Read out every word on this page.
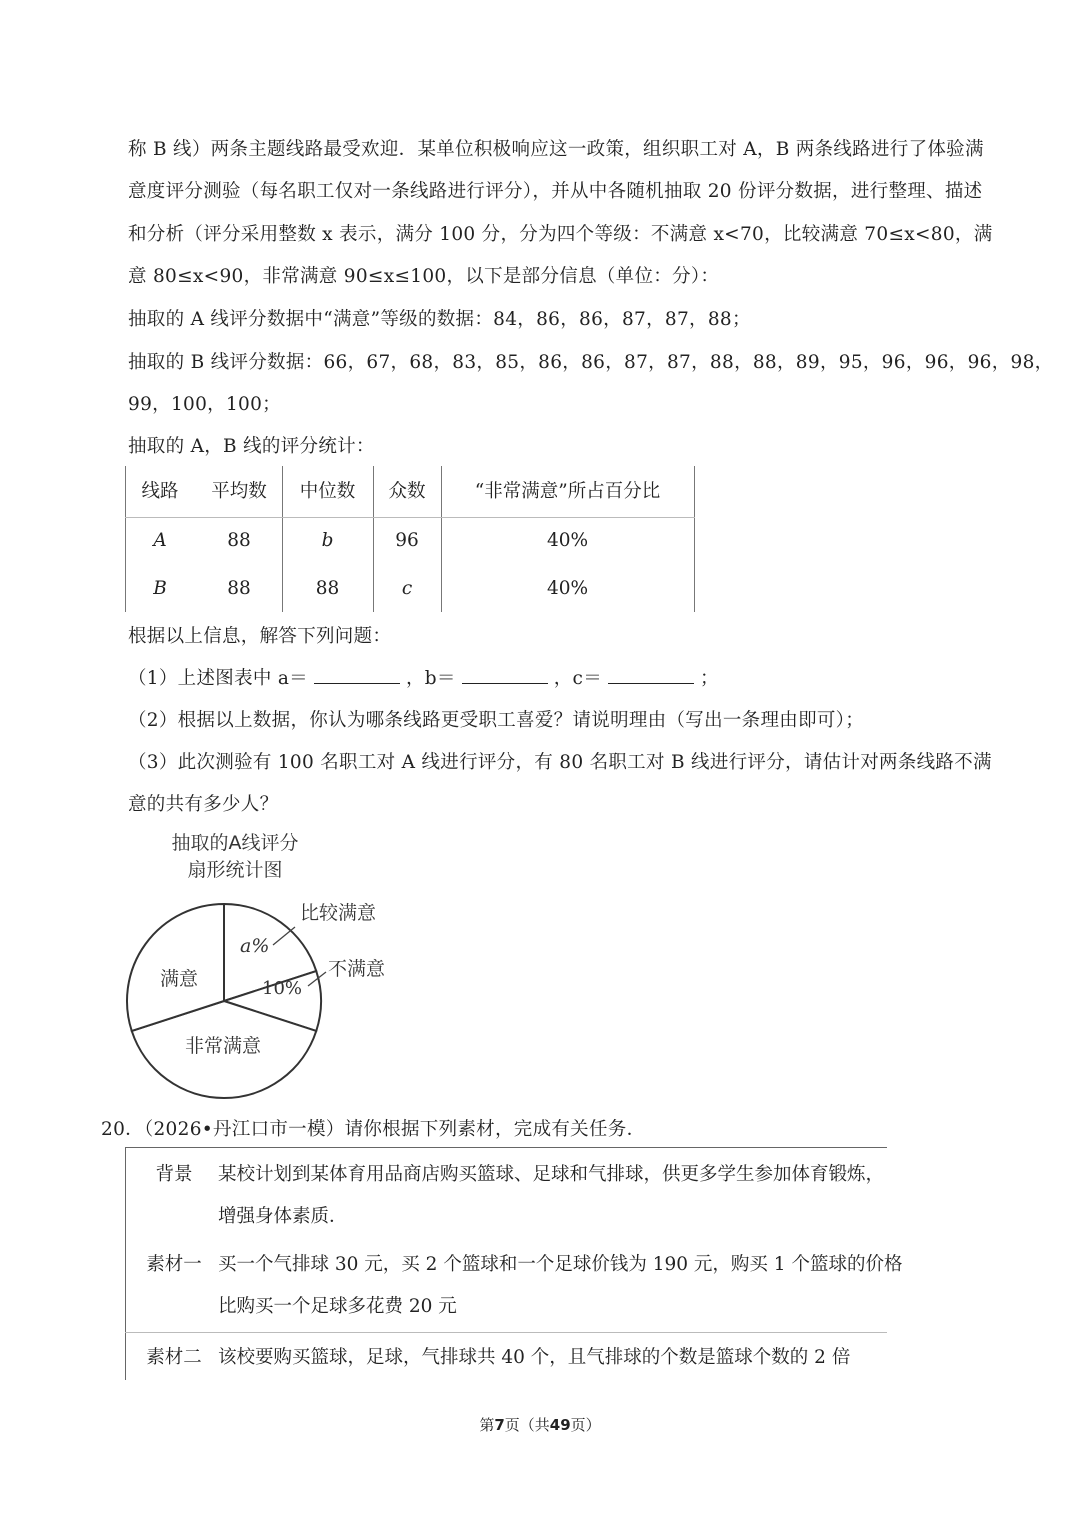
称 B 线）两条主题线路最受欢迎．某单位积极响应这一政策，组织职工对 A，B 两条线路进行了体验满
意度评分测验（每名职工仅对一条线路进行评分），并从中各随机抽取 20 份评分数据，进行整理、描述
和分析（评分采用整数 x 表示，满分 100 分，分为四个等级：不满意 x<70，比较满意 70≤x<80，满
意 80≤x<90，非常满意 90≤x≤100，以下是部分信息（单位：分）：
抽取的 A 线评分数据中“满意”等级的数据：84，86，86，87，87，88；
抽取的 B 线评分数据：66，67，68，83，85，86，86，87，87，88，88，89，95，96，96，96，98，
99，100，100；
抽取的 A，B 线的评分统计：
线路	平均数	中位数	众数	“非常满意”所占百分比
A	88	b	96	40%
B	88	88	c	40%
根据以上信息，解答下列问题：
（1）上述图表中 a＝	，b＝	，c＝	；
（2）根据以上数据，你认为哪条线路更受职工喜爱？请说明理由（写出一条理由即可）；
（3）此次测验有 100 名职工对 A 线进行评分，有 80 名职工对 B 线进行评分，请估计对两条线路不满
意的共有多少人？
抽取的A线评分
扇形统计图
比较满意
不满意
a%
10%
满意
非常满意
20．（2026•丹江口市一模）请你根据下列素材，完成有关任务．
背景	某校计划到某体育用品商店购买篮球、足球和气排球，供更多学生参加体育锻炼，
增强身体素质．
素材一 买一个气排球 30 元，买 2 个篮球和一个足球价钱为 190 元，购买 1 个篮球的价格
比购买一个足球多花费 20 元
素材二 该校要购买篮球，足球，气排球共 40 个，且气排球的个数是篮球个数的 2 倍
第7页（共49页）
